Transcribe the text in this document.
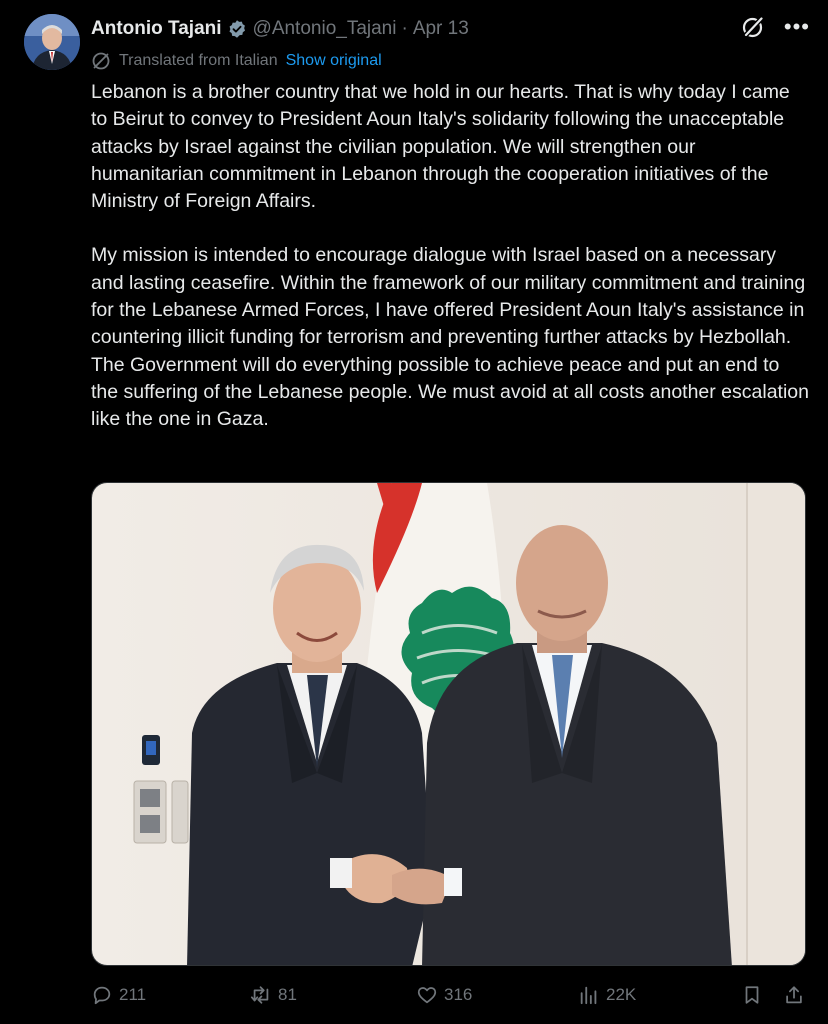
Antonio Tajani @Antonio_Tajani · Apr 13	•••
Translated from Italian Show original

Lebanon is a brother country that we hold in our hearts. That is why today I came to Beirut to convey to President Aoun Italy's solidarity following the unacceptable attacks by Israel against the civilian population. We will strengthen our humanitarian commitment in Lebanon through the cooperation initiatives of the Ministry of Foreign Affairs.

My mission is intended to encourage dialogue with Israel based on a necessary and lasting ceasefire. Within the framework of our military commitment and training for the Lebanese Armed Forces, I have offered President Aoun Italy's assistance in countering illicit funding for terrorism and preventing further attacks by Hezbollah. The Government will do everything possible to achieve peace and put an end to the suffering of the Lebanese people. We must avoid at all costs another escalation like the one in Gaza.

211	81	316	22K
